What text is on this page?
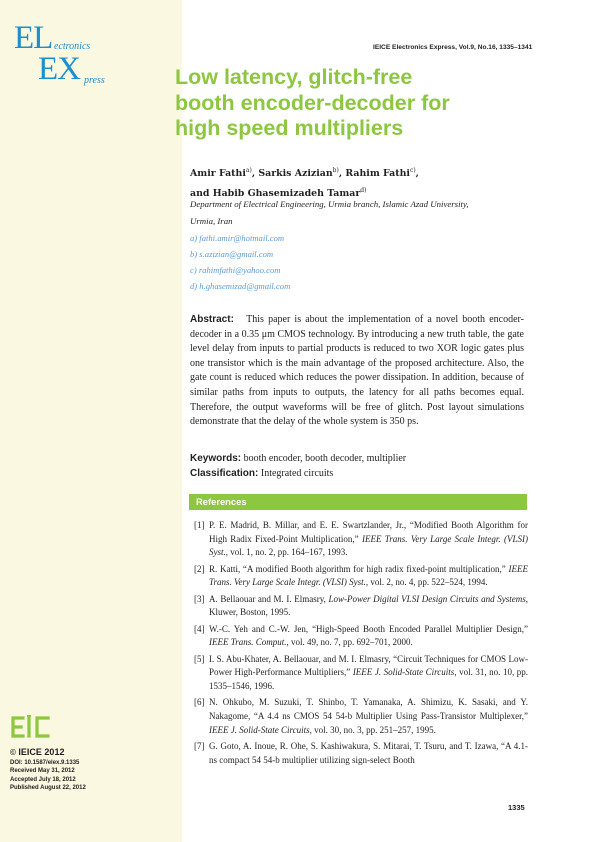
EL ectronics
EX press
IEICE Electronics Express, Vol.9, No.16, 1335–1341
Low latency, glitch-free
booth encoder-decoder for
high speed multipliers
Amir Fathi$^{a)}$, Sarkis Azizian$^{b)}$, Rahim Fathi$^{c)}$,
and Habib Ghasemizadeh Tamar$^{d)}$
Department of Electrical Engineering, Urmia branch, Islamic Azad University,
Urmia, Iran
a) fathi.amir@hotmail.com
b) s.azizian@gmail.com
c) rahimfathi@yahoo.com
d) h.ghasemizad@gmail.com

Abstract: This paper is about the implementation of a novel booth encoder-decoder in a 0.35 μm CMOS technology. By introducing a new truth table, the gate level delay from inputs to partial products is reduced to two XOR logic gates plus one transistor which is the main advantage of the proposed architecture. Also, the gate count is reduced which reduces the power dissipation. In addition, because of similar paths from inputs to outputs, the latency for all paths becomes equal. Therefore, the output waveforms will be free of glitch. Post layout simulations demonstrate that the delay of the whole system is 350 ps.

Keywords: booth encoder, booth decoder, multiplier
Classification: Integrated circuits
References
[1] P. E. Madrid, B. Millar, and E. E. Swartzlander, Jr., “Modified Booth Algorithm for High Radix Fixed-Point Multiplication,” IEEE Trans. Very Large Scale Integr. (VLSI) Syst., vol. 1, no. 2, pp. 164–167, 1993.
[2] R. Katti, “A modified Booth algorithm for high radix fixed-point multiplication,” IEEE Trans. Very Large Scale Integr. (VLSI) Syst., vol. 2, no. 4, pp. 522–524, 1994.
[3] A. Bellaouar and M. I. Elmasry, Low-Power Digital VLSI Design Circuits and Systems, Kluwer, Boston, 1995.
[4] W.-C. Yeh and C.-W. Jen, “High-Speed Booth Encoded Parallel Multiplier Design,” IEEE Trans. Comput., vol. 49, no. 7, pp. 692–701, 2000.
[5] I. S. Abu-Khater, A. Bellaouar, and M. I. Elmasry, “Circuit Techniques for CMOS Low-Power High-Performance Multipliers,” IEEE J. Solid-State Circuits, vol. 31, no. 10, pp. 1535–1546, 1996.
[6] N. Ohkubo, M. Suzuki, T. Shinbo, T. Yamanaka, A. Shimizu, K. Sasaki, and Y. Nakagome, “A 4.4 ns CMOS 54 54-b Multiplier Using Pass-Transistor Multiplexer,” IEEE J. Solid-State Circuits, vol. 30, no. 3, pp. 251–257, 1995.
[7] G. Goto, A. Inoue, R. Ohe, S. Kashiwakura, S. Mitarai, T. Tsuru, and T. Izawa, “A 4.1-ns compact 54 54-b multiplier utilizing sign-select Booth
© IEICE 2012
DOI: 10.1587/elex.9.1335
Received May 31, 2012
Accepted July 18, 2012
Published August 22, 2012
1335
